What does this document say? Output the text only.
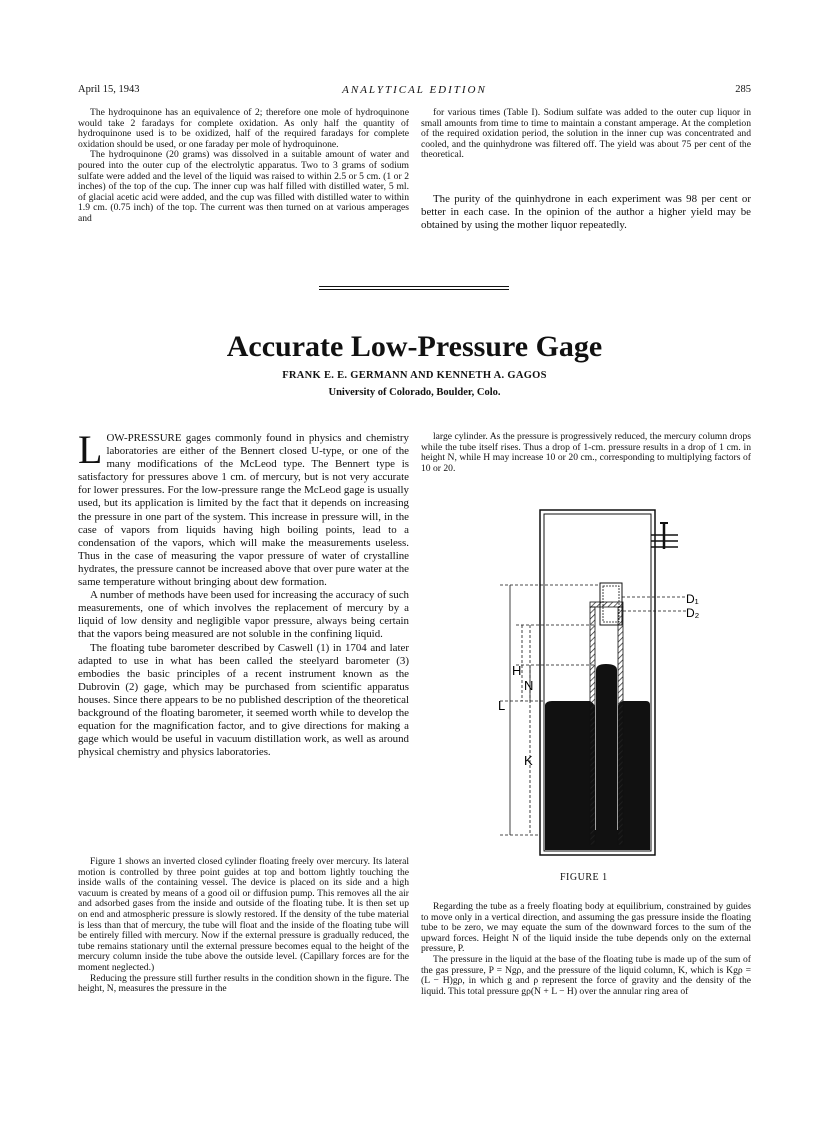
April 15, 1943	ANALYTICAL EDITION	285

The hydroquinone has an equivalence of 2; therefore one mole of hydroquinone would take 2 faradays for complete oxidation. As only half the quantity of hydroquinone used is to be oxidized, half of the required faradays for complete oxidation should be used, or one faraday per mole of hydroquinone.

The hydroquinone (20 grams) was dissolved in a suitable amount of water and poured into the outer cup of the electrolytic apparatus. Two to 3 grams of sodium sulfate were added and the level of the liquid was raised to within 2.5 or 5 cm. (1 or 2 inches) of the top of the cup. The inner cup was half filled with distilled water, 5 ml. of glacial acetic acid were added, and the cup was filled with distilled water to within 1.9 cm. (0.75 inch) of the top. The current was then turned on at various amperages and

for various times (Table I). Sodium sulfate was added to the outer cup liquor in small amounts from time to time to maintain a constant amperage. At the completion of the required oxidation period, the solution in the inner cup was concentrated and cooled, and the quinhydrone was filtered off. The yield was about 75 per cent of the theoretical.

The purity of the quinhydrone in each experiment was 98 per cent or better in each case. In the opinion of the author a higher yield may be obtained by using the mother liquor repeatedly.

Accurate Low-Pressure Gage
FRANK E. E. GERMANN AND KENNETH A. GAGOS
University of Colorado, Boulder, Colo.

LOW-PRESSURE gages commonly found in physics and chemistry laboratories are either of the Bennert closed U-type, or one of the many modifications of the McLeod type. The Bennert type is satisfactory for pressures above 1 cm. of mercury, but is not very accurate for lower pressures. For the low-pressure range the McLeod gage is usually used, but its application is limited by the fact that it depends on increasing the pressure in one part of the system. This increase in pressure will, in the case of vapors from liquids having high boiling points, lead to a condensation of the vapors, which will make the measurements useless. Thus in the case of measuring the vapor pressure of water of crystalline hydrates, the pressure cannot be increased above that over pure water at the same temperature without bringing about dew formation.

A number of methods have been used for increasing the accuracy of such measurements, one of which involves the replacement of mercury by a liquid of low density and negligible vapor pressure, always being certain that the vapors being measured are not soluble in the confining liquid.

The floating tube barometer described by Caswell (1) in 1704 and later adapted to use in what has been called the steelyard barometer (3) embodies the basic principles of a recent instrument known as the Dubrovin (2) gage, which may be purchased from scientific apparatus houses. Since there appears to be no published description of the theoretical background of the floating barometer, it seemed worth while to develop the equation for the magnification factor, and to give directions for making a gage which would be useful in vacuum distillation work, as well as around physical chemistry and physics laboratories.

Figure 1 shows an inverted closed cylinder floating freely over mercury. Its lateral motion is controlled by three point guides at top and bottom lightly touching the inside walls of the containing vessel. The device is placed on its side and a high vacuum is created by means of a good oil or diffusion pump. This removes all the air and adsorbed gases from the inside and outside of the floating tube. It is then set up on end and atmospheric pressure is slowly restored. If the density of the tube material is less than that of mercury, the tube will float and the inside of the floating tube will be entirely filled with mercury. Now if the external pressure is gradually reduced, the tube remains stationary until the external pressure becomes equal to the height of the mercury column inside the tube above the outside level. (Capillary forces are for the moment neglected.)

Reducing the pressure still further results in the condition shown in the figure. The height, N, measures the pressure in the

large cylinder. As the pressure is progressively reduced, the mercury column drops while the tube itself rises. Thus a drop of 1-cm. pressure results in a drop of 1 cm. in height N, while H may increase 10 or 20 cm., corresponding to multiplying factors of 10 or 20.

H
N
L
K
D₁
D₂
FIGURE 1

Regarding the tube as a freely floating body at equilibrium, constrained by guides to move only in a vertical direction, and assuming the gas pressure inside the floating tube to be zero, we may equate the sum of the downward forces to the sum of the upward forces. Height N of the liquid inside the tube depends only on the external pressure, P.

The pressure in the liquid at the base of the floating tube is made up of the sum of the gas pressure, P = Ngρ, and the pressure of the liquid column, K, which is Kgρ = (L − H)gρ, in which g and ρ represent the force of gravity and the density of the liquid. This total pressure gρ(N + L − H) over the annular ring area of
